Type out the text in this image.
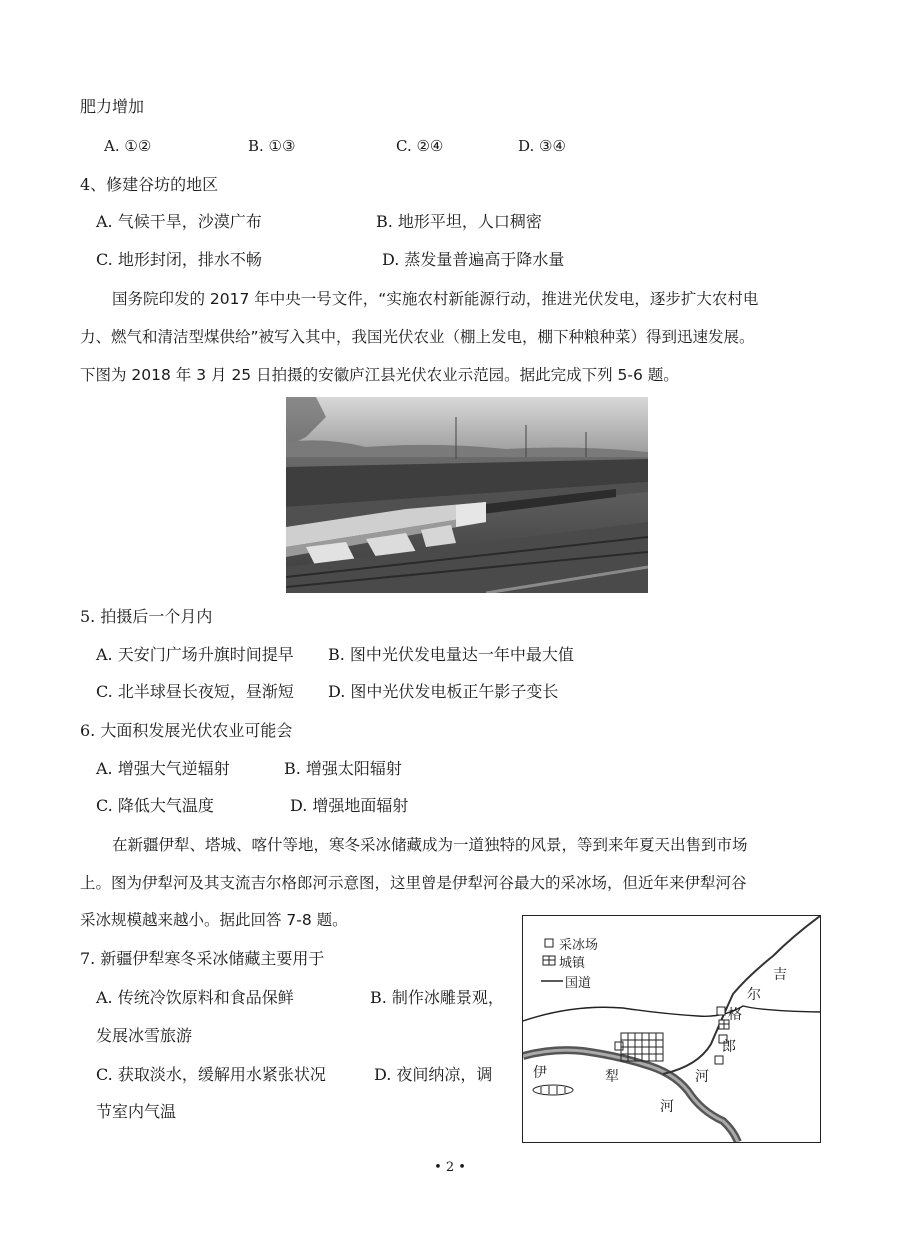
肥力增加
A. ①②	B. ①③	C. ②④	D. ③④
4、修建谷坊的地区
A. 气候干旱，沙漠广布	B. 地形平坦，人口稠密
C. 地形封闭，排水不畅	D. 蒸发量普遍高于降水量
国务院印发的 2017 年中央一号文件，“实施农村新能源行动，推进光伏发电，逐步扩大农村电
力、燃气和清洁型煤供给”被写入其中，我国光伏农业（棚上发电，棚下种粮种菜）得到迅速发展。
下图为 2018 年 3 月 25 日拍摄的安徽庐江县光伏农业示范园。据此完成下列 5-6 题。
5. 拍摄后一个月内
A. 天安门广场升旗时间提早 B. 图中光伏发电量达一年中最大值
C. 北半球昼长夜短，昼渐短 D. 图中光伏发电板正午影子变长
6. 大面积发展光伏农业可能会
A. 增强大气逆辐射	B. 增强太阳辐射
C. 降低大气温度	D. 增强地面辐射
在新疆伊犁、塔城、喀什等地，寒冬采冰储藏成为一道独特的风景，等到来年夏天出售到市场
上。图为伊犁河及其支流吉尔格郎河示意图，这里曾是伊犁河谷最大的采冰场，但近年来伊犁河谷
采冰规模越来越小。据此回答 7-8 题。
7. 新疆伊犁寒冬采冰储藏主要用于
A. 传统冷饮原料和食品保鲜	B. 制作冰雕景观，
发展冰雪旅游
C. 获取淡水，缓解用水紧张状况	D. 夜间纳凉，调
节室内气温
采冰场
城镇
国道
吉
尔
格
郎
河
伊	犁
河
• 2 •
